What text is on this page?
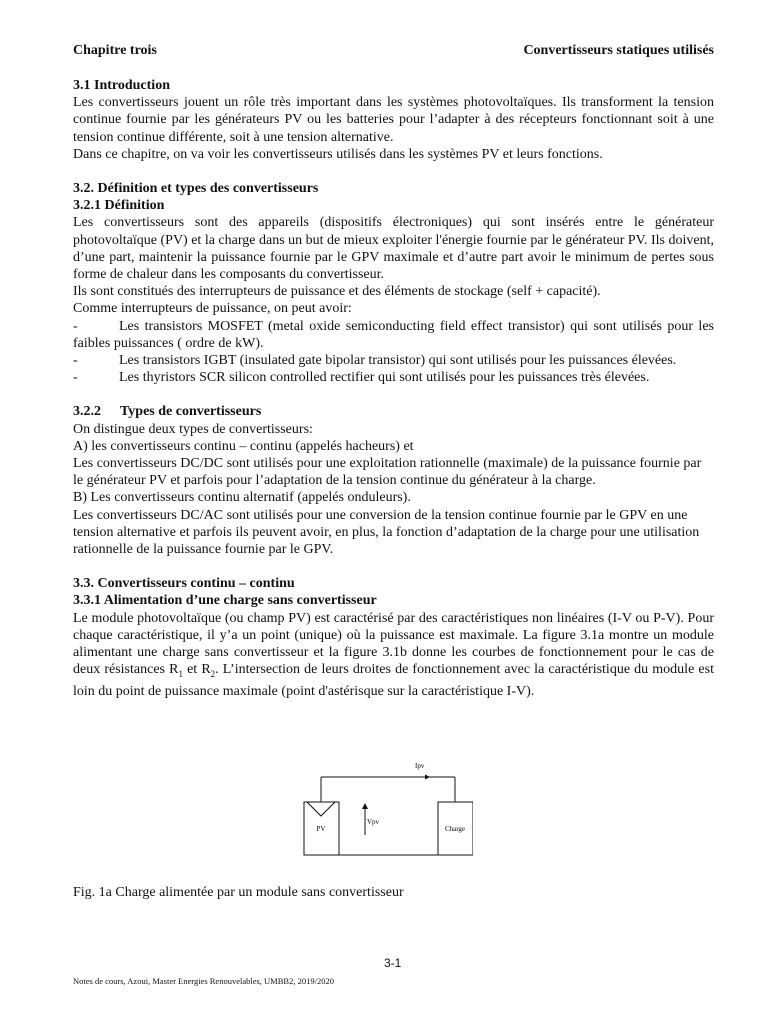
Chapitre trois	Convertisseurs statiques utilisés

3.1 Introduction

Les convertisseurs jouent un rôle très important dans les systèmes photovoltaïques. Ils transforment la tension continue fournie par les générateurs PV ou les batteries pour l’adapter à des récepteurs fonctionnant soit à une tension continue différente, soit à une tension alternative.

Dans ce chapitre, on va voir les convertisseurs utilisés dans les systèmes PV et leurs fonctions.

3.2. Définition et types des convertisseurs

3.2.1 Définition

Les convertisseurs sont des appareils (dispositifs électroniques) qui sont insérés entre le générateur photovoltaïque (PV) et la charge dans un but de mieux exploiter l'énergie fournie par le générateur PV. Ils doivent, d’une part, maintenir la puissance fournie par le GPV maximale et d’autre part avoir le minimum de pertes sous forme de chaleur dans les composants du convertisseur.

Ils sont constitués des interrupteurs de puissance et des éléments de stockage (self + capacité).

Comme interrupteurs de puissance, on peut avoir:

-	Les transistors MOSFET (metal oxide semiconducting field effect transistor) qui sont utilisés pour les faibles puissances ( ordre de kW).
-	Les transistors IGBT (insulated gate bipolar transistor) qui sont utilisés pour les puissances élevées.
-	Les thyristors SCR silicon controlled rectifier qui sont utilisés pour les puissances très élevées.

3.2.2 Types de convertisseurs

On distingue deux types de convertisseurs:

A) les convertisseurs continu – continu (appelés hacheurs) et

Les convertisseurs DC/DC sont utilisés pour une exploitation rationnelle (maximale) de la puissance fournie par le générateur PV et parfois pour l’adaptation de la tension continue du générateur à la charge.

B) Les convertisseurs continu alternatif (appelés onduleurs).

Les convertisseurs DC/AC sont utilisés pour une conversion de la tension continue fournie par le GPV en une tension alternative et parfois ils peuvent avoir, en plus, la fonction d’adaptation de la charge pour une utilisation rationnelle de la puissance fournie par le GPV.

3.3. Convertisseurs continu – continu

3.3.1 Alimentation d’une charge sans convertisseur

Le module photovoltaïque (ou champ PV) est caractérisé par des caractéristiques non linéaires (I-V ou P-V). Pour chaque caractéristique, il y’a un point (unique) où la puissance est maximale. La figure 3.1a montre un module alimentant une charge sans convertisseur et la figure 3.1b donne les courbes de fonctionnement pour le cas de deux résistances $R_1$ et $R_2$. L’intersection de leurs droites de fonctionnement avec la caractéristique du module est loin du point de puissance maximale (point d'astérisque sur la caractéristique I-V).

PV	Charge
Ipv
Vpv
Fig. 1a Charge alimentée par un module sans convertisseur
3-1
Notes de cours, Azoui, Master Energies Renouvelables, UMBB2, 2019/2020
